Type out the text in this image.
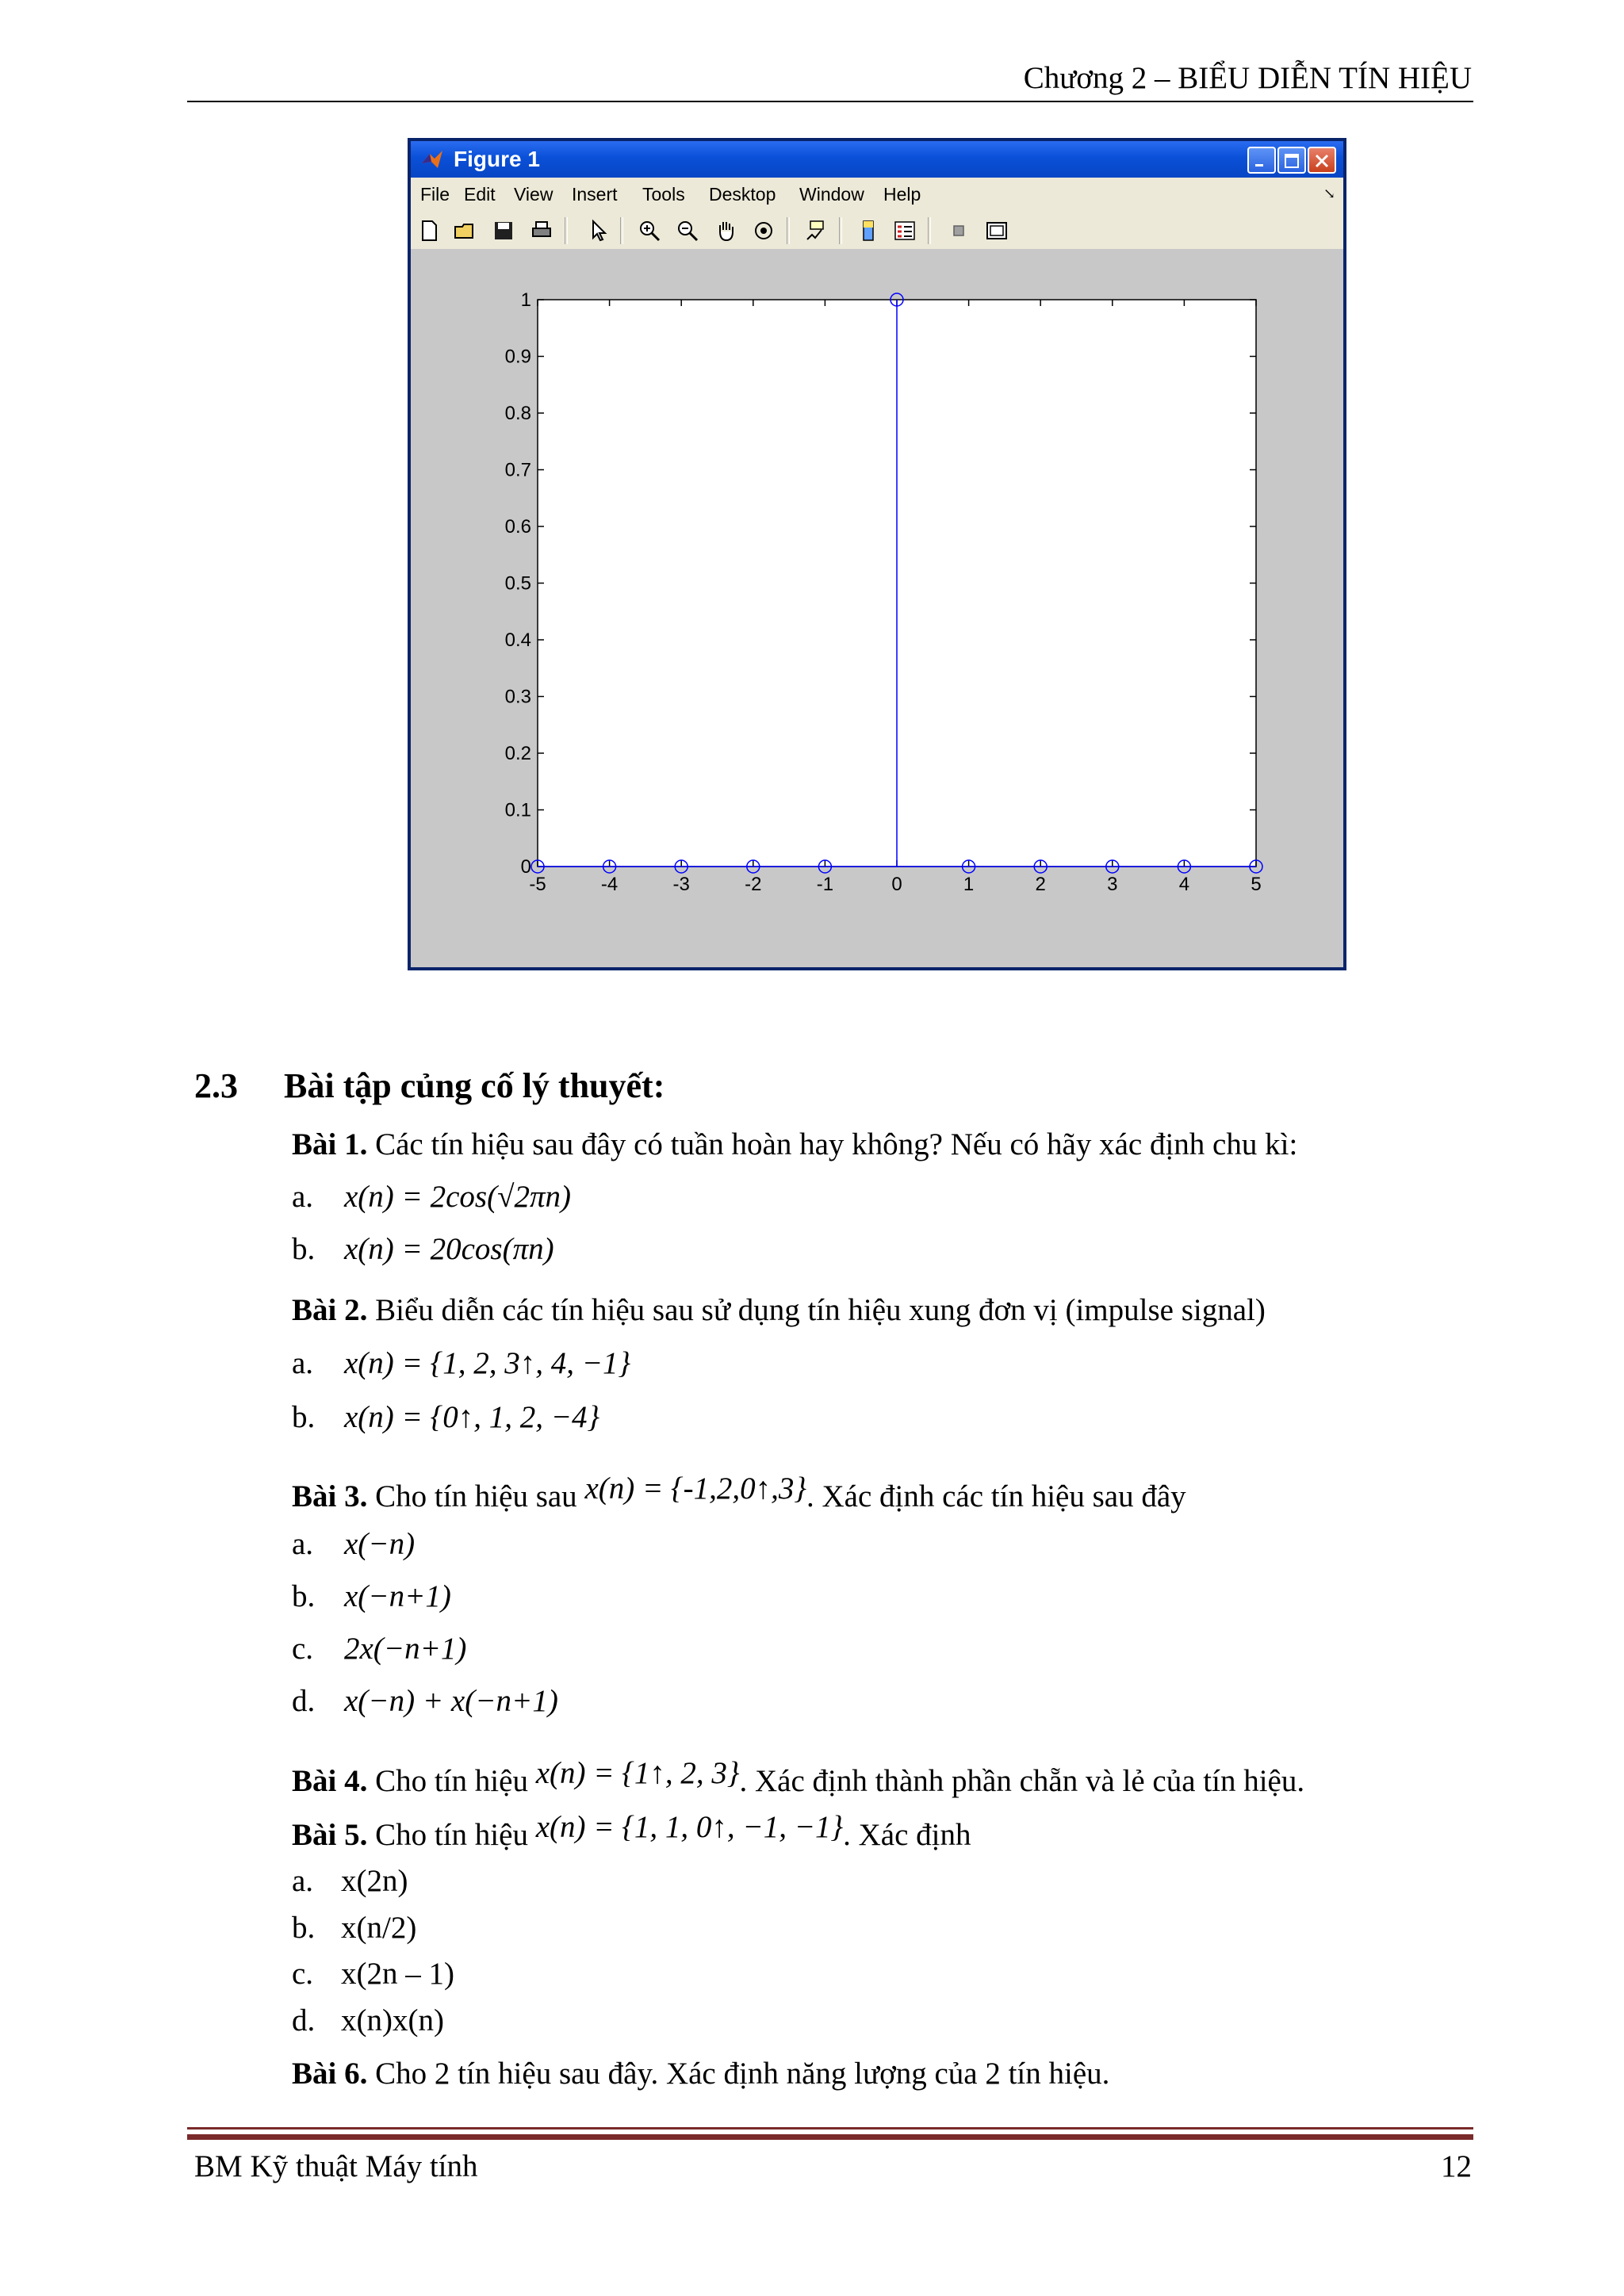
Chương 2 – BIỂU DIỄN TÍN HIỆU
Figure 1
File Edit View Insert Tools Desktop Window Help	↘
0
0.1
0.2
0.3
0.4
0.5
0.6
0.7
0.8
0.9
1
-5	-4	-3	-2	-1	0	1	2	3	4	5
2.3 Bài tập củng cố lý thuyết:
Bài 1. Các tín hiệu sau đây có tuần hoàn hay không? Nếu có hãy xác định chu kì:
a. x(n) = 2cos(√2πn)
b. x(n) = 20cos(πn)
Bài 2. Biểu diễn các tín hiệu sau sử dụng tín hiệu xung đơn vị (impulse signal)
a. x(n) = {1, 2, 3↑, 4, −1}
b. x(n) = {0↑, 1, 2, −4}
Bài 3. Cho tín hiệu sau x(n) = {-1,2,0↑,3}. Xác định các tín hiệu sau đây
a. x(−n)
b. x(−n+1)
c. 2x(−n+1)
d. x(−n) + x(−n+1)
Bài 4. Cho tín hiệu x(n) = {1↑, 2, 3}. Xác định thành phần chẵn và lẻ của tín hiệu.
Bài 5. Cho tín hiệu x(n) = {1, 1, 0↑, −1, −1}. Xác định
a. x(2n)
b. x(n/2)
c. x(2n – 1)
d. x(n)x(n)
Bài 6. Cho 2 tín hiệu sau đây. Xác định năng lượng của 2 tín hiệu.
BM Kỹ thuật Máy tính	12
